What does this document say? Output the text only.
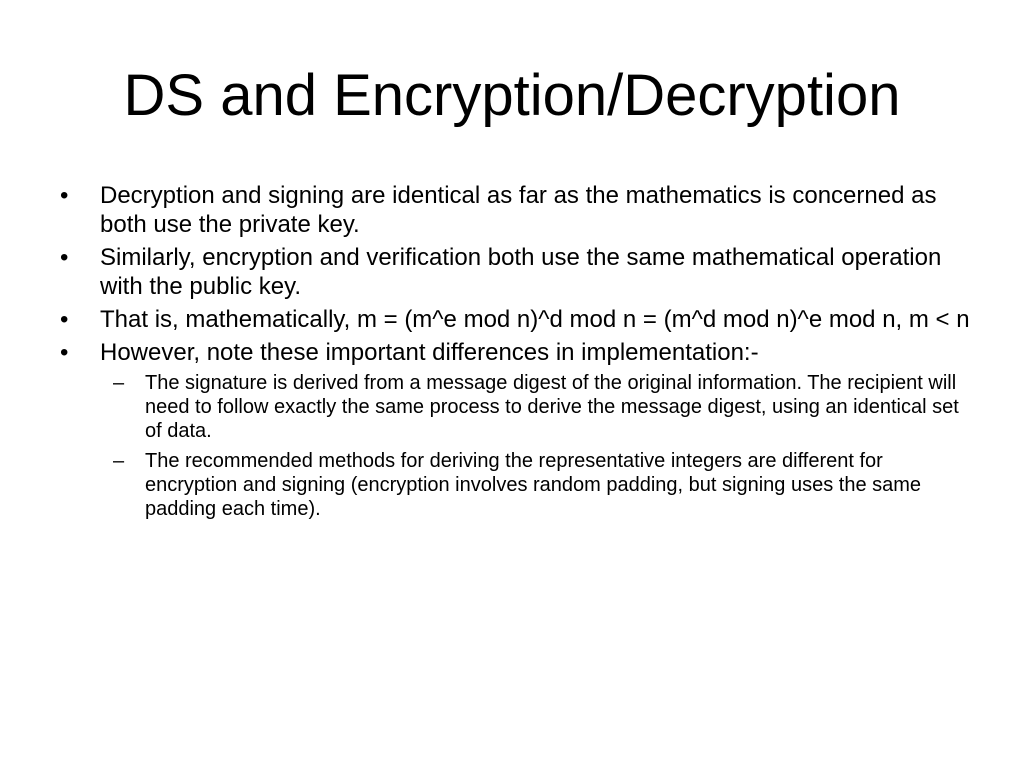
DS and Encryption/Decryption
•	Decryption and signing are identical as far as the mathematics is concerned as both use the private key.
•	Similarly, encryption and verification both use the same mathematical operation with the public key.
•	That is, mathematically, m = (m^e mod n)^d mod n = (m^d mod n)^e mod n, m < n
•	However, note these important differences in implementation:-
–	The signature is derived from a message digest of the original information. The recipient will need to follow exactly the same process to derive the message digest, using an identical set of data.
–	The recommended methods for deriving the representative integers are different for encryption and signing (encryption involves random padding, but signing uses the same padding each time).
